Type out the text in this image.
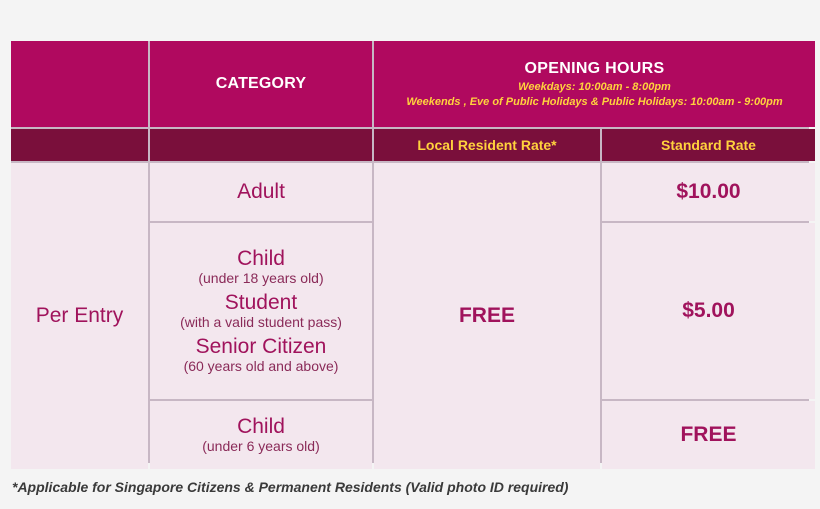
CATEGORY
OPENING HOURS
Weekdays: 10:00am - 8:00pm
Weekends , Eve of Public Holidays & Public Holidays: 10:00am - 9:00pm
Local Resident Rate*	Standard Rate
Per Entry
Adult
FREE
$10.00
Child
(under 18 years old)
Student
(with a valid student pass)
Senior Citizen
(60 years old and above)
$5.00
Child
(under 6 years old)	FREE
*Applicable for Singapore Citizens & Permanent Residents (Valid photo ID required)
